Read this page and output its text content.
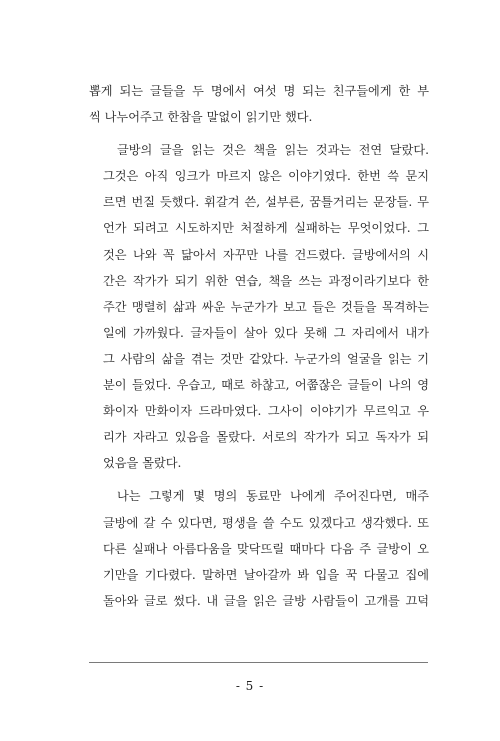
뽑게 되는 글들을 두 명에서 여섯 명 되는 친구들에게 한 부
씩 나누어주고 한참을 말없이 읽기만 했다.
글방의 글을 읽는 것은 책을 읽는 것과는 전연 달랐다.
그것은 아직 잉크가 마르지 않은 이야기였다. 한번 쓱 문지
르면 번질 듯했다. 휘갈겨 쓴, 설부른, 꿈틀거리는 문장들. 무
언가 되려고 시도하지만 처절하게 실패하는 무엇이었다. 그
것은 나와 꼭 닮아서 자꾸만 나를 건드렸다. 글방에서의 시
간은 작가가 되기 위한 연습, 책을 쓰는 과정이라기보다 한
주간 맹렬히 삶과 싸운 누군가가 보고 들은 것들을 목격하는
일에 가까웠다. 글자들이 살아 있다 못해 그 자리에서 내가
그 사람의 삶을 겪는 것만 같았다. 누군가의 얼굴을 읽는 기
분이 들었다. 우습고, 때로 하찮고, 어쭙잖은 글들이 나의 영
화이자 만화이자 드라마였다. 그사이 이야기가 무르익고 우
리가 자라고 있음을 몰랐다. 서로의 작가가 되고 독자가 되
었음을 몰랐다.
나는 그렇게 몇 명의 동료만 나에게 주어진다면, 매주
글방에 갈 수 있다면, 평생을 쓸 수도 있겠다고 생각했다. 또
다른 실패나 아름다움을 맞닥뜨릴 때마다 다음 주 글방이 오
기만을 기다렸다. 말하면 날아갈까 봐 입을 꾹 다물고 집에
돌아와 글로 썼다. 내 글을 읽은 글방 사람들이 고개를 끄덕
- 5 -
